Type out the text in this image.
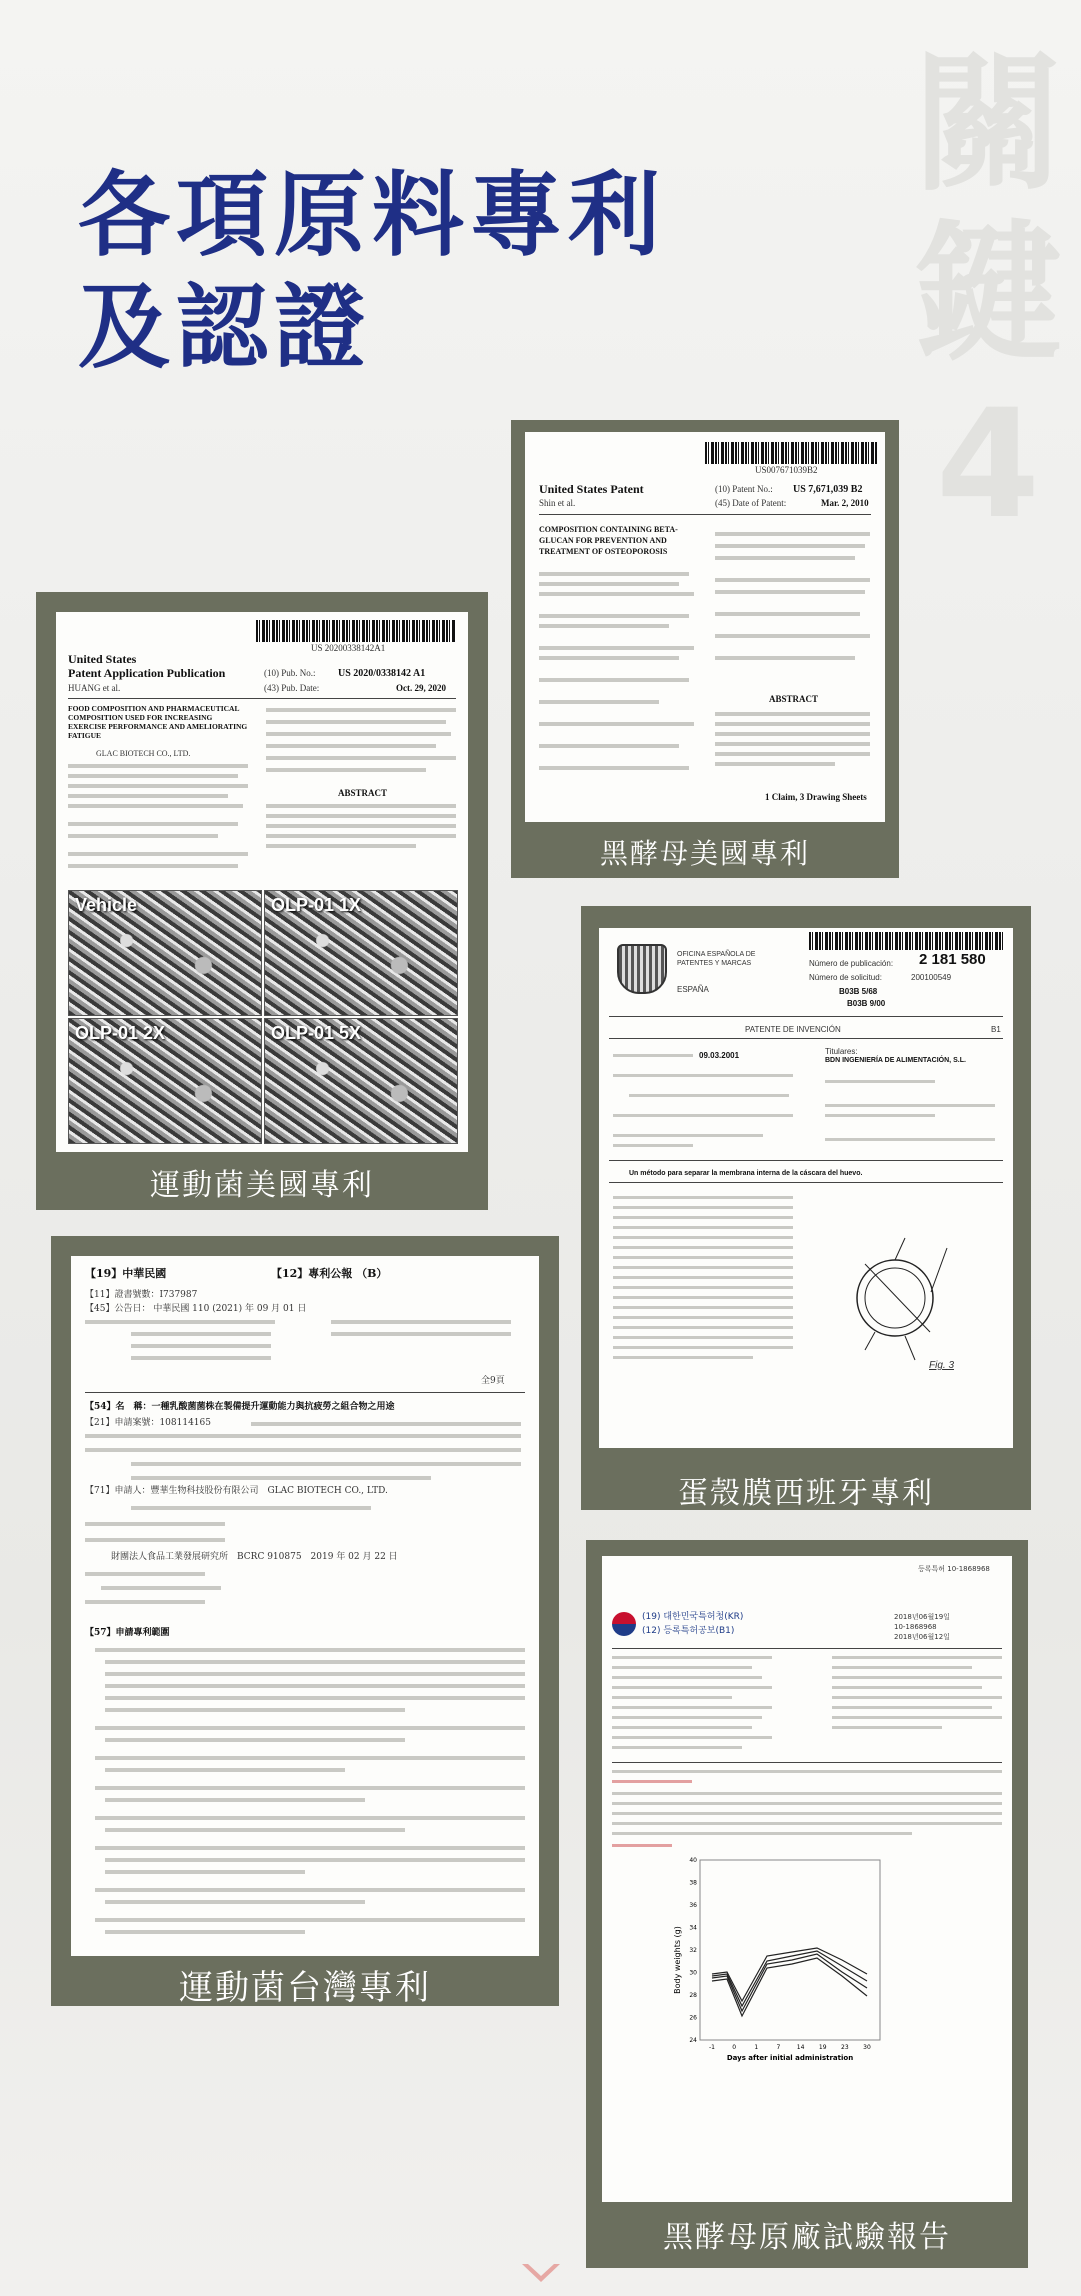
各項原料專利
及認證
關
鍵
4
US007671039B2
United States Patent
Shin et al.
(10) Patent No.: US 7,671,039 B2
(45) Date of Patent:	Mar. 2, 2010
COMPOSITION CONTAINING BETA-GLUCAN FOR PREVENTION AND TREATMENT OF OSTEOPOROSIS
ABSTRACT
1 Claim, 3 Drawing Sheets
黑酵母美國專利
US 20200338142A1
United States
Patent Application Publication
HUANG et al.
(10) Pub. No.: US 2020/0338142 A1
(43) Pub. Date:	Oct. 29, 2020
FOOD COMPOSITION AND PHARMACEUTICAL COMPOSITION USED FOR INCREASING EXERCISE PERFORMANCE AND AMELIORATING FATIGUE
GLAC BIOTECH CO., LTD.
ABSTRACT
Vehicle	OLP-01 1X
OLP-01 2X	OLP-01 5X
運動菌美國專利
OFICINA ESPAÑOLA DE PATENTES Y MARCAS
ESPAÑA
Número de publicación: 2 181 580
Número de solicitud:	200100549
B03B 5/68
B03B 9/00
PATENTE DE INVENCIÓN	B1
09.03.2001	Titulares:
BDN INGENIERÍA DE ALIMENTACIÓN, S.L.
Un método para separar la membrana interna de la cáscara del huevo.
Fig. 3
蛋殼膜西班牙專利
【19】中華民國	【12】專利公報 （B）
【11】證書號數：I737987
【45】公告日： 中華民國 110 (2021) 年 09 月 01 日
全9頁
【54】名　稱：一種乳酸菌菌株在製備提升運動能力與抗疲勞之組合物之用途
【21】申請案號：108114165
【71】申請人：豐華生物科技股份有限公司　GLAC BIOTECH CO., LTD.
財團法人食品工業發展研究所　BCRC 910875　2019 年 02 月 22 日
【57】申請專利範圍
運動菌台灣專利
등록특허 10-1868968
(19) 대한민국특허청(KR)
(12) 등록특허공보(B1)
2018년06월19일
10-1868968
2018년06월12일
Body weights (g)
24
26
28
30
32
34
36
38
40
-1	0	1	7	14 19 23 30
Days after initial administration
黑酵母原廠試驗報告
